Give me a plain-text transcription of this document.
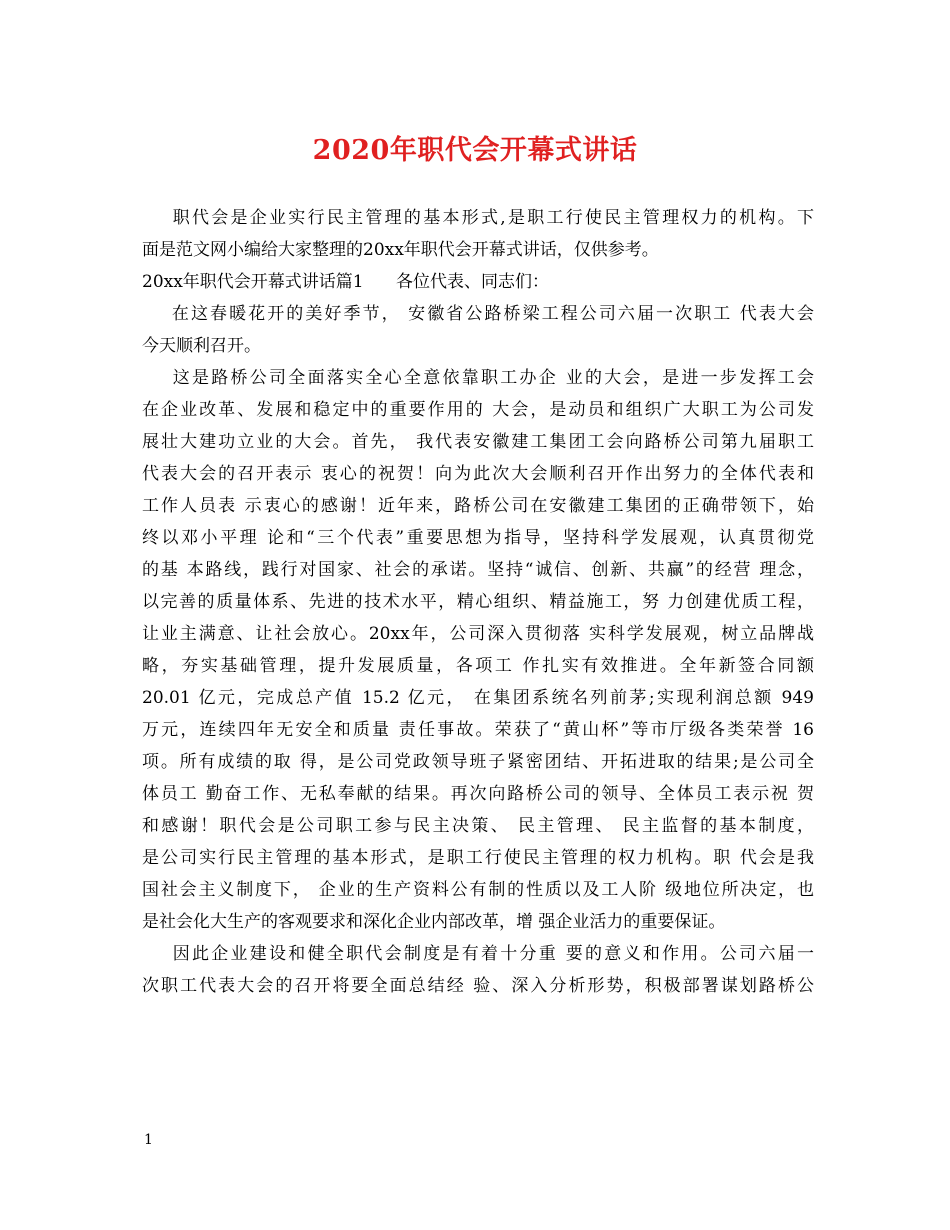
2020年职代会开幕式讲话
职代会是企业实行民主管理的基本形式,是职工行使民主管理权力的机构。下
面是范文网小编给大家整理的20xx年职代会开幕式讲话，仅供参考。
20xx年职代会开幕式讲话篇1      各位代表、同志们：
在这春暖花开的美好季节， 安徽省公路桥梁工程公司六届一次职工 代表大会
今天顺利召开。
这是路桥公司全面落实全心全意依靠职工办企 业的大会，是进一步发挥工会
在企业改革、发展和稳定中的重要作用的 大会，是动员和组织广大职工为公司发
展壮大建功立业的大会。首先， 我代表安徽建工集团工会向路桥公司第九届职工
代表大会的召开表示 衷心的祝贺！向为此次大会顺利召开作出努力的全体代表和
工作人员表 示衷心的感谢！近年来，路桥公司在安徽建工集团的正确带领下，始
终以邓小平理 论和“三个代表”重要思想为指导，坚持科学发展观，认真贯彻党
的基 本路线，践行对国家、社会的承诺。坚持“诚信、创新、共赢”的经营 理念，
以完善的质量体系、先进的技术水平，精心组织、精益施工，努 力创建优质工程，
让业主满意、让社会放心。20xx年，公司深入贯彻落 实科学发展观，树立品牌战
略，夯实基础管理，提升发展质量，各项工 作扎实有效推进。全年新签合同额
20.01 亿元，完成总产值 15.2 亿元， 在集团系统名列前茅;实现利润总额 949
万元，连续四年无安全和质量 责任事故。荣获了“黄山杯”等市厅级各类荣誉 16
项。所有成绩的取 得，是公司党政领导班子紧密团结、开拓进取的结果;是公司全
体员工 勤奋工作、无私奉献的结果。再次向路桥公司的领导、全体员工表示祝 贺
和感谢！职代会是公司职工参与民主决策、 民主管理、 民主监督的基本制度，
是公司实行民主管理的基本形式，是职工行使民主管理的权力机构。职 代会是我
国社会主义制度下， 企业的生产资料公有制的性质以及工人阶 级地位所决定，也
是社会化大生产的客观要求和深化企业内部改革，增 强企业活力的重要保证。
因此企业建设和健全职代会制度是有着十分重 要的意义和作用。公司六届一
次职工代表大会的召开将要全面总结经 验、深入分析形势，积极部署谋划路桥公
1
